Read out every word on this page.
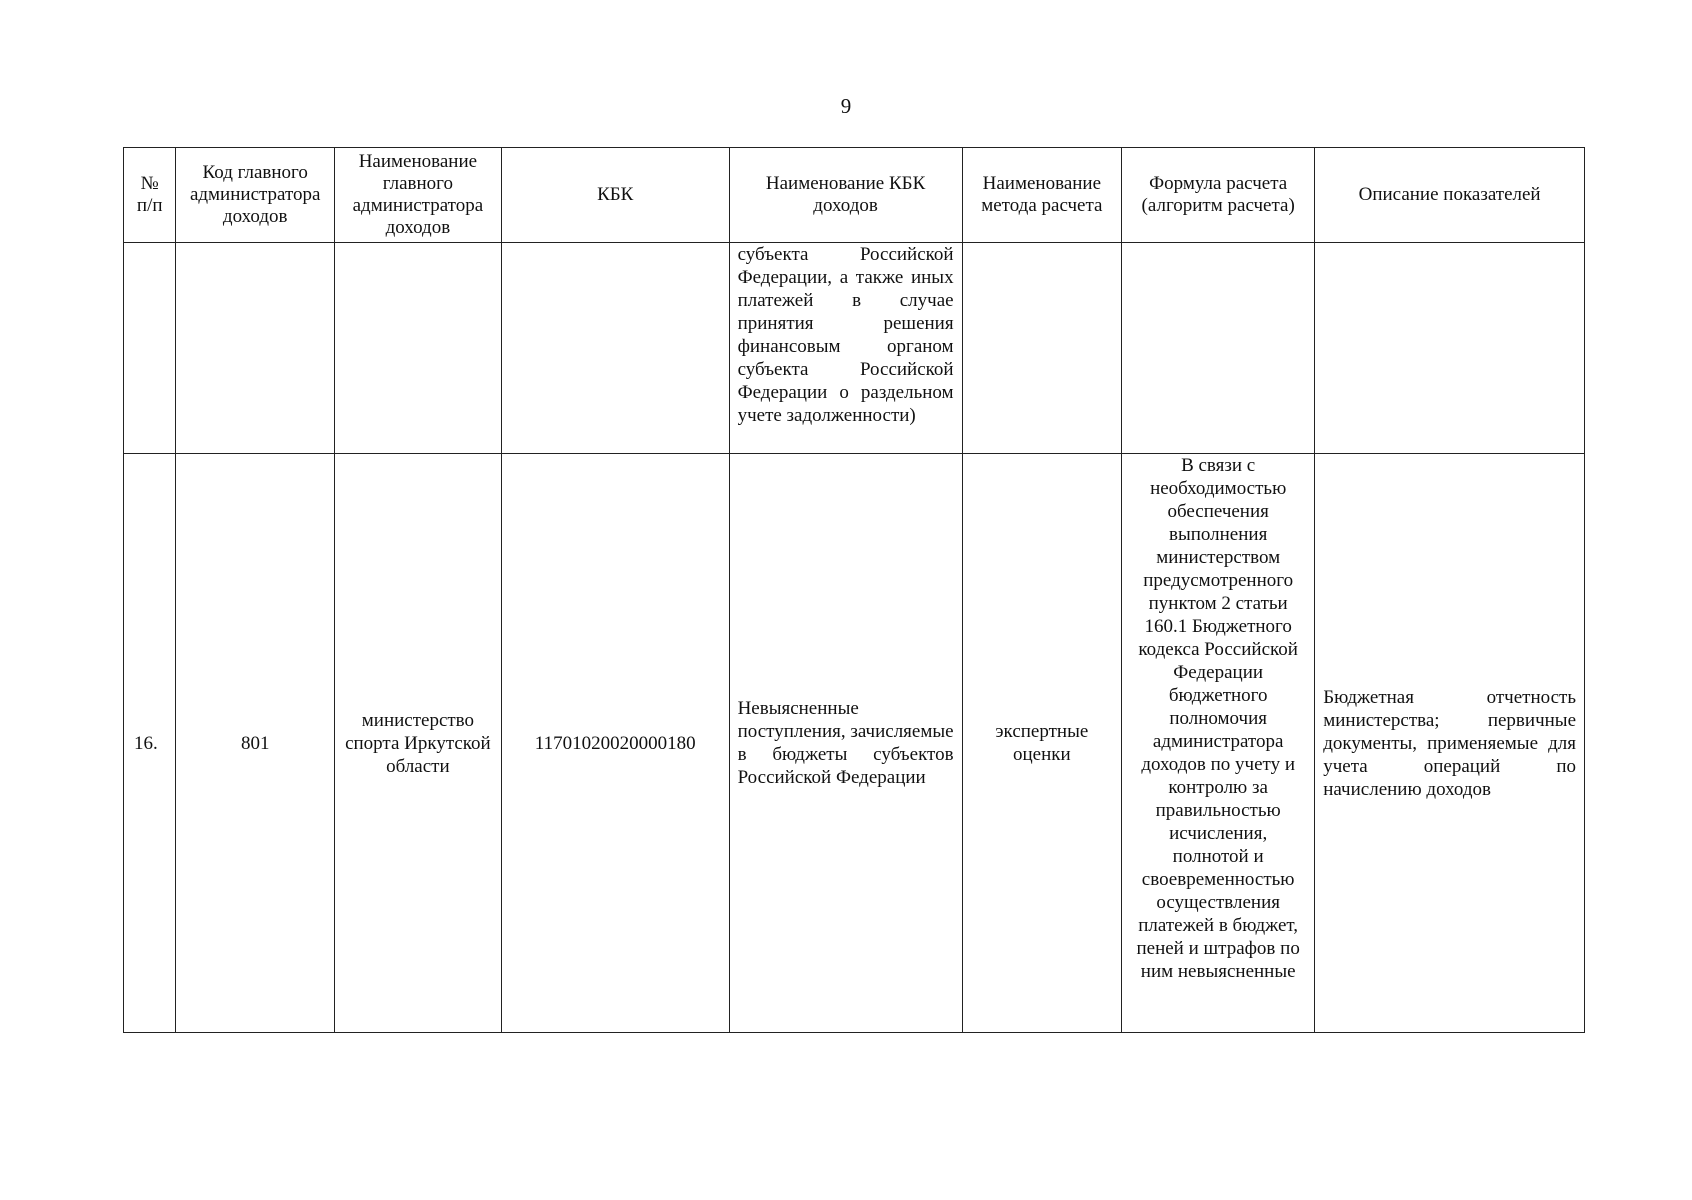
9
№ п/п	Код главного администратора доходов	Наименование главного администратора доходов	КБК	Наименование КБК доходов	Наименование метода расчета	Формула расчета (алгоритм расчета)	Описание показателей
				субъекта Российской Федерации, а также иных платежей в случае принятия решения финансовым органом субъекта Российской Федерации о раздельном учете задолженности)			
16.	801	министерство спорта Иркутской области	11701020020000180	Невыясненные поступления, зачисляемые в бюджеты субъектов Российской Федерации	экспертные оценки	В связи с необходимостью обеспечения выполнения министерством предусмотренного пунктом 2 статьи 160.1 Бюджетного кодекса Российской Федерации бюджетного полномочия администратора доходов по учету и контролю за правильностью исчисления, полнотой и своевременностью осуществления платежей в бюджет, пеней и штрафов по ним невыясненные	Бюджетная отчетность министерства; первичные документы, применяемые для учета операций по начислению доходов
